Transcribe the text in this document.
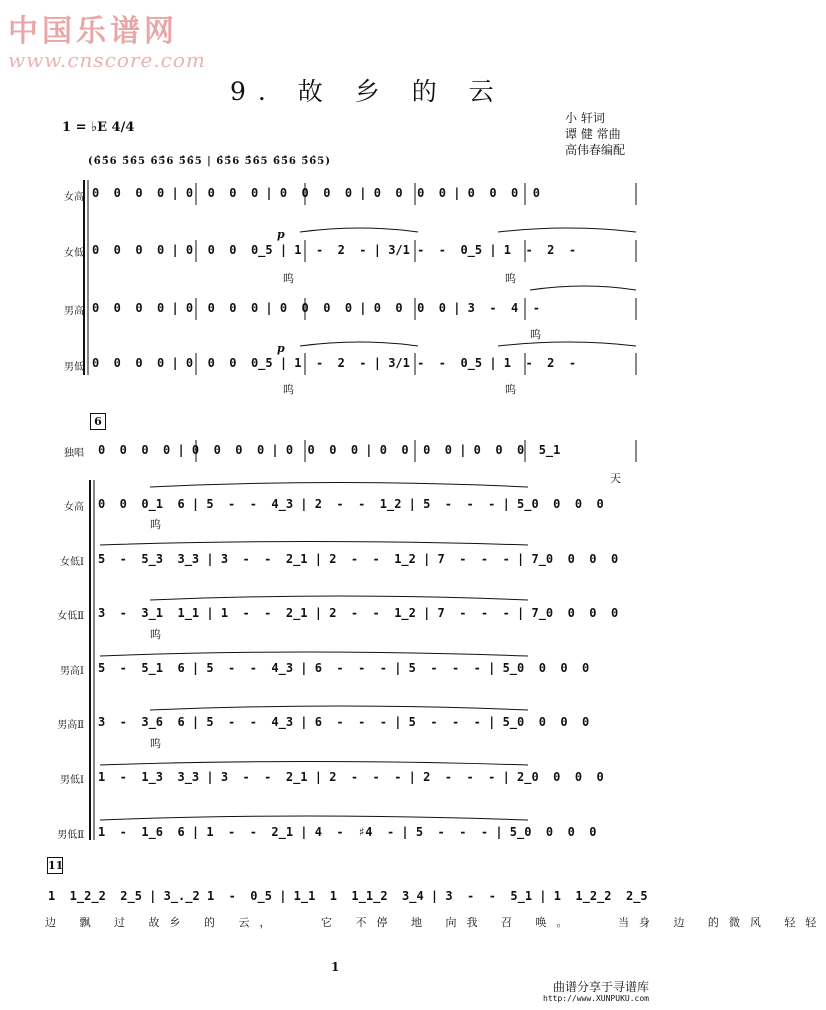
中国乐谱网
www.cnscore.com
9. 故 乡 的 云
小 轩词
谭 健 常曲
高伟春编配
1 = ♭E 4/4
(6̂5̂6 5̂6̂5 6̂5̂6 5̂6̂5 | 6̂5̂6 5̂6̂5 6̂5̂6 5̂6̂5)
女高 0  0  0  0 | 0  0  0  0 | 0  0  0  0 | 0  0  0  0 | 0  0  0  0
女低 0  0  0  0 | 0  0  0  0̲5 | 1  -  2  - | 3/1 -  -  0̲5 | 1  -  2  -
呜	呜
p
男高 0  0  0  0 | 0  0  0  0 | 0  0  0  0 | 0  0  0  0 | 3  -  4  -
呜
男低 0  0  0  0 | 0  0  0  0̲5 | 1  -  2  - | 3/1 -  -  0̲5 | 1  -  2  -
呜	呜
p
6
独唱 0  0  0  0 | 0  0  0  0 | 0  0  0  0 | 0  0  0  0 | 0  0  0  5̲1
天
女高 0  0  0̲1  6 | 5  -  -  4̲3 | 2  -  -  1̲2 | 5  -  -  - | 5̲0  0  0  0
呜
女低Ⅰ 5  -  5̲3  3̲3 | 3  -  -  2̲1 | 2  -  -  1̲2 | 7  -  -  - | 7̲0  0  0  0
女低Ⅱ 3  -  3̲1  1̲1 | 1  -  -  2̲1 | 2  -  -  1̲2 | 7  -  -  - | 7̲0  0  0  0
呜
男高Ⅰ 5  -  5̲1  6 | 5  -  -  4̲3 | 6  -  -  - | 5  -  -  - | 5̲0  0  0  0
男高Ⅱ 3  -  3̲6  6 | 5  -  -  4̲3 | 6  -  -  - | 5  -  -  - | 5̲0  0  0  0
呜
男低Ⅰ 1  -  1̲3  3̲3 | 3  -  -  2̲1 | 2  -  -  - | 2  -  -  - | 2̲0  0  0  0
男低Ⅱ 1  -  1̲6  6 | 1  -  -  2̲1 | 4  -  ♯4  - | 5  -  -  - | 5̲0  0  0  0
11
1  1̲2̲2  2̲5 | 3̲.̲2 1  -  0̲5 | 1̲1  1  1̲1̲2  3̲4 | 3  -  -  5̲1 | 1  1̲2̲2  2̲5
边 飘 过 故乡 的 云，   它 不停 地 向我 召 唤。   当身 边 的微风 轻轻
1
曲谱分享于寻谱库
http://www.XUNPUKU.com
